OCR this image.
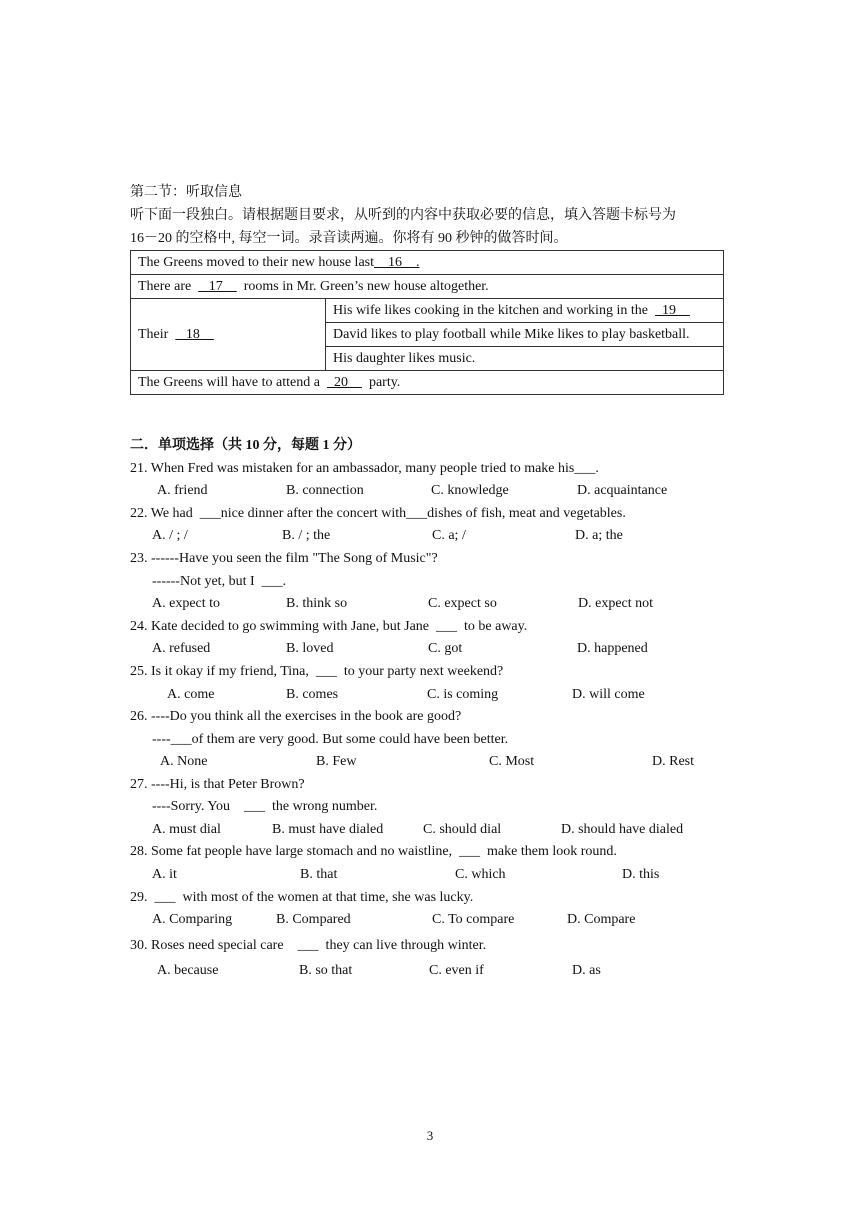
第二节：听取信息
听下面一段独白。请根据题目要求，从听到的内容中获取必要的信息，填入答题卡标号为
16－20 的空格中, 每空一词。录音读两遍。你将有 90 秒钟的做答时间。
The Greens moved to their new house last    16    .
There are     17      rooms in Mr. Green’s new house altogether.
Their     18	His wife likes cooking in the kitchen and working in the    19
David likes to play football while Mike likes to play basketball.
His daughter likes music.
The Greens will have to attend a    20      party.
二．单项选择（共 10 分，每题 1 分）
21. When Fred was mistaken for an ambassador, many people tried to make his___.
A. friend	B. connection	C. knowledge	D. acquaintance
22. We had  ___nice dinner after the concert with___dishes of fish, meat and vegetables.
A. / ; /	B. / ; the	C. a; /	D. a; the
23. ------Have you seen the film "The Song of Music"?
------Not yet, but I  ___.
A. expect to	B. think so	C. expect so	D. expect not
24. Kate decided to go swimming with Jane, but Jane  ___  to be away.
A. refused	B. loved	C. got	D. happened
25. Is it okay if my friend, Tina,  ___  to your party next weekend?
A. come	B. comes	C. is coming	D. will come
26. ----Do you think all the exercises in the book are good?
----___of them are very good. But some could have been better.
A. None	B. Few	C. Most	D. Rest
27. ----Hi, is that Peter Brown?
----Sorry. You    ___  the wrong number.
A. must dial	B. must have dialed	C. should dial	D. should have dialed
28. Some fat people have large stomach and no waistline,  ___  make them look round.
A. it	B. that	C. which	D. this
29.  ___  with most of the women at that time, she was lucky.
A. Comparing	B. Compared	C. To compare	D. Compare
30. Roses need special care    ___  they can live through winter.
A. because	B. so that	C. even if	D. as
3
